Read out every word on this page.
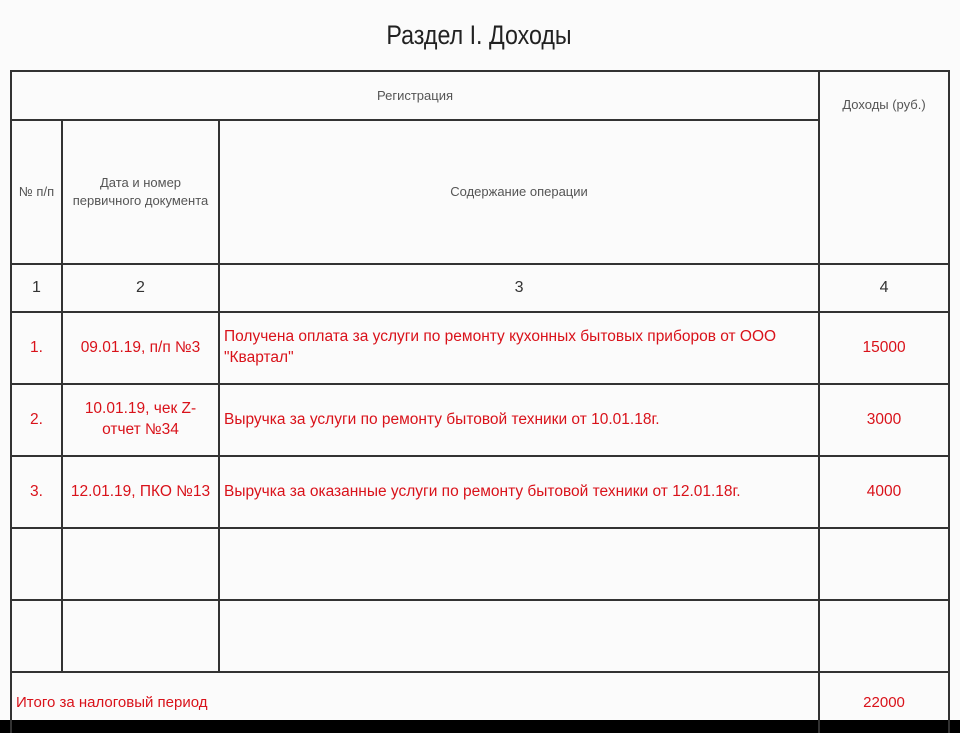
Раздел I. Доходы
Регистрация			Доходы (руб.)
№ п/п	Дата и номер первичного документа	Содержание операции	
1	2	3	4
1.	09.01.19, п/п №3	Получена оплата за услуги по ремонту кухонных бытовых приборов от ООО "Квартал"	15000
2.	10.01.19, чек Z-отчет №34	Выручка за услуги по ремонту бытовой техники от 10.01.18г.	3000
3.	12.01.19, ПКО №13	Выручка за оказанные услуги по ремонту бытовой техники от 12.01.18г.	4000

Итого за налоговый период			22000
